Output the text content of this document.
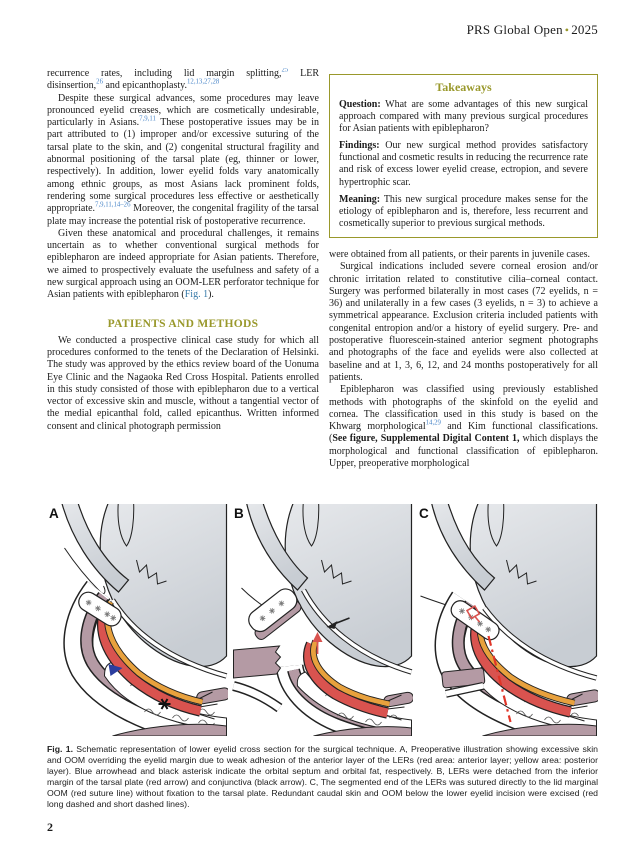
PRS Global Open • 2025

recurrence rates, including lid margin splitting,$^{25}$ LER disinsertion,$^{26}$ and epicanthoplasty.$^{12,13,27,28}$

Despite these surgical advances, some procedures may leave pronounced eyelid creases, which are cosmetically undesirable, particularly in Asians.$^{7,9,11}$ These postoperative issues may be in part attributed to (1) improper and/or excessive suturing of the tarsal plate to the skin, and (2) congenital structural fragility and abnormal positioning of the tarsal plate (eg, thinner or lower, respectively). In addition, lower eyelid folds vary anatomically among ethnic groups, as most Asians lack prominent folds, rendering some surgical procedures less effective or aesthetically appropriate.$^{7,9,11,14-26}$ Moreover, the congenital fragility of the tarsal plate may increase the potential risk of postoperative recurrence.

Given these anatomical and procedural challenges, it remains uncertain as to whether conventional surgical methods for epiblepharon are indeed appropriate for Asian patients. Therefore, we aimed to prospectively evaluate the usefulness and safety of a new surgical approach using an OOM-LER perforator technique for Asian patients with epiblepharon (Fig. 1).

PATIENTS AND METHODS

We conducted a prospective clinical case study for which all procedures conformed to the tenets of the Declaration of Helsinki. The study was approved by the ethics review board of the Uonuma Eye Clinic and the Nagaoka Red Cross Hospital. Patients enrolled in this study consisted of those with epiblepharon due to a vertical vector of excessive skin and muscle, without a tangential vector of the medial epicanthal fold, called epicanthus. Written informed consent and clinical photograph permission

Takeaways

Question: What are some advantages of this new surgical approach compared with many previous surgical procedures for Asian patients with epiblepharon?

Findings: Our new surgical method provides satisfactory functional and cosmetic results in reducing the recurrence rate and risk of excess lower eyelid crease, ectropion, and severe hypertrophic scar.

Meaning: This new surgical procedure makes sense for the etiology of epiblepharon and is, therefore, less recurrent and cosmetically superior to previous surgical methods.

were obtained from all patients, or their parents in juvenile cases.

Surgical indications included severe corneal erosion and/or chronic irritation related to constitutive cilia–corneal contact. Surgery was performed bilaterally in most cases (72 eyelids, n = 36) and unilaterally in a few cases (3 eyelids, n = 3) to achieve a symmetrical appearance. Exclusion criteria included patients with congenital entropion and/or a history of eyelid surgery. Pre- and postoperative fluorescein-stained anterior segment photographs and photographs of the face and eyelids were also collected at baseline and at 1, 3, 6, 12, and 24 months postoperatively for all patients.

Epiblepharon was classified using previously established methods with photographs of the skinfold on the eyelid and cornea. The classification used in this study is based on the Khwarg morphological$^{14,29}$ and Kim functional classifications. (See figure, Supplemental Digital Content 1, which displays the morphological and functional classification of epiblepharon. Upper, preoperative morphological

A	B	C
Fig. 1. Schematic representation of lower eyelid cross section for the surgical technique. A, Preoperative illustration showing excessive skin and OOM overriding the eyelid margin due to weak adhesion of the anterior layer of the LERs (red area: anterior layer; yellow area: posterior layer). Blue arrowhead and black asterisk indicate the orbital septum and orbital fat, respectively. B, LERs were detached from the inferior margin of the tarsal plate (red arrow) and conjunctiva (black arrow). C, The segmented end of the LERs was sutured directly to the lid marginal OOM (red suture line) without fixation to the tarsal plate. Redundant caudal skin and OOM below the lower eyelid incision were excised (red long dashed and short dashed lines).
2
